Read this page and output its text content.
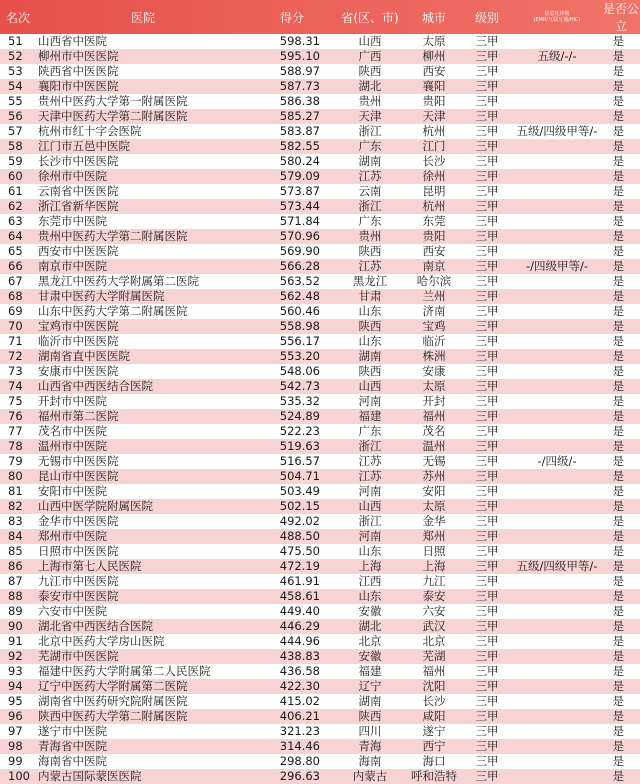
名次	医院	得分	省(区、市)	城市	级别	信息化评级
(EMR/互联互通/HIC)	是否公立
51	山西省中医院	598.31	山西	太原	三甲		是
52	柳州市中医医院	595.10	广西	柳州	三甲	五级/-/-	是
53	陕西省中医医院	588.97	陕西	西安	三甲		是
54	襄阳市中医医院	587.73	湖北	襄阳	三甲		是
55	贵州中医药大学第一附属医院	586.38	贵州	贵阳	三甲		是
56	天津中医药大学第二附属医院	585.27	天津	天津	三甲		是
57	杭州市红十字会医院	583.87	浙江	杭州	三甲	五级/四级甲等/-	是
58	江门市五邑中医院	582.55	广东	江门	三甲		是
59	长沙市中医医院	580.24	湖南	长沙	三甲		是
60	徐州市中医院	579.09	江苏	徐州	三甲		是
61	云南省中医医院	573.87	云南	昆明	三甲		是
62	浙江省新华医院	573.44	浙江	杭州	三甲		是
63	东莞市中医院	571.84	广东	东莞	三甲		是
64	贵州中医药大学第二附属医院	570.96	贵州	贵阳	三甲		是
65	西安市中医医院	569.90	陕西	西安	三甲		是
66	南京市中医院	566.28	江苏	南京	三甲	-/四级甲等/-	是
67	黑龙江中医药大学附属第二医院	563.52	黑龙江	哈尔滨	三甲		是
68	甘肃中医药大学附属医院	562.48	甘肃	兰州	三甲		是
69	山东中医药大学第二附属医院	560.46	山东	济南	三甲		是
70	宝鸡市中医医院	558.98	陕西	宝鸡	三甲		是
71	临沂市中医医院	556.17	山东	临沂	三甲		是
72	湖南省直中医医院	553.20	湖南	株洲	三甲		是
73	安康市中医医院	548.06	陕西	安康	三甲		是
74	山西省中西医结合医院	542.73	山西	太原	三甲		是
75	开封市中医院	535.32	河南	开封	三甲		是
76	福州市第二医院	524.89	福建	福州	三甲		是
77	茂名市中医院	522.23	广东	茂名	三甲		是
78	温州市中医院	519.63	浙江	温州	三甲		是
79	无锡市中医医院	516.57	江苏	无锡	三甲	-/四级/-	是
80	昆山市中医医院	504.71	江苏	苏州	三甲		是
81	安阳市中医院	503.49	河南	安阳	三甲		是
82	山西中医学院附属医院	502.15	山西	太原	三甲		是
83	金华市中医医院	492.02	浙江	金华	三甲		是
84	郑州市中医院	488.50	河南	郑州	三甲		是
85	日照市中医医院	475.50	山东	日照	三甲		是
86	上海市第七人民医院	472.19	上海	上海	三甲	五级/四级甲等/-	是
87	九江市中医医院	461.91	江西	九江	三甲		是
88	泰安市中医医院	458.61	山东	泰安	三甲		是
89	六安市中医院	449.40	安徽	六安	三甲		是
90	湖北省中西医结合医院	446.29	湖北	武汉	三甲		是
91	北京中医药大学房山医院	444.96	北京	北京	三甲		是
92	芜湖市中医医院	438.83	安徽	芜湖	三甲		是
93	福建中医药大学附属第二人民医院	436.58	福建	福州	三甲		是
94	辽宁中医药大学附属第二医院	422.30	辽宁	沈阳	三甲		是
95	湖南省中医药研究院附属医院	415.02	湖南	长沙	三甲		是
96	陕西中医药大学第二附属医院	406.21	陕西	咸阳	三甲		是
97	遂宁市中医院	321.23	四川	遂宁	三甲		是
98	青海省中医院	314.46	青海	西宁	三甲		是
99	海南省中医院	298.80	海南	海口	三甲		是
100	内蒙古国际蒙医医院	296.63	内蒙古	呼和浩特	三甲		是
